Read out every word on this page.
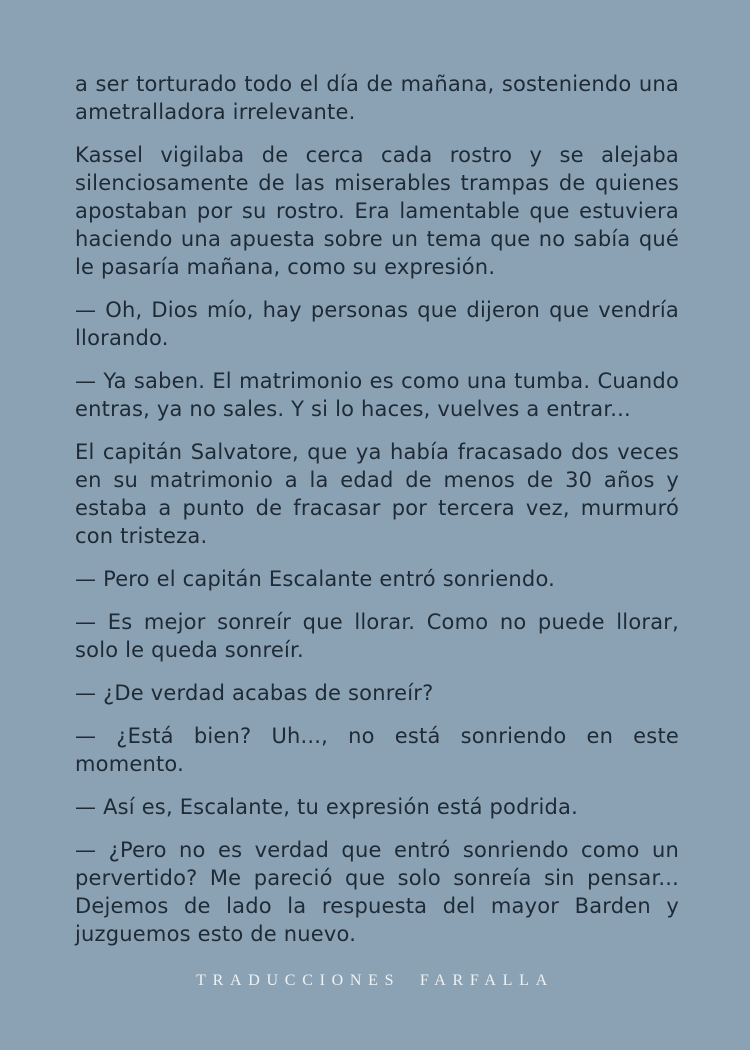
a ser torturado todo el día de mañana, sosteniendo una ametralladora irrelevante.

Kassel vigilaba de cerca cada rostro y se alejaba silenciosamente de las miserables trampas de quienes apostaban por su rostro. Era lamentable que estuviera haciendo una apuesta sobre un tema que no sabía qué le pasaría mañana, como su expresión.

— Oh, Dios mío, hay personas que dijeron que vendría llorando.

— Ya saben. El matrimonio es como una tumba. Cuando entras, ya no sales. Y si lo haces, vuelves a entrar...

El capitán Salvatore, que ya había fracasado dos veces en su matrimonio a la edad de menos de 30 años y estaba a punto de fracasar por tercera vez, murmuró con tristeza.

— Pero el capitán Escalante entró sonriendo.

— Es mejor sonreír que llorar. Como no puede llorar, solo le queda sonreír.

— ¿De verdad acabas de sonreír?

— ¿Está bien? Uh..., no está sonriendo en este momento.

— Así es, Escalante, tu expresión está podrida.

— ¿Pero no es verdad que entró sonriendo como un pervertido? Me pareció que solo sonreía sin pensar... Dejemos de lado la respuesta del mayor Barden y juzguemos esto de nuevo.

TRADUCCIONES FARFALLA
